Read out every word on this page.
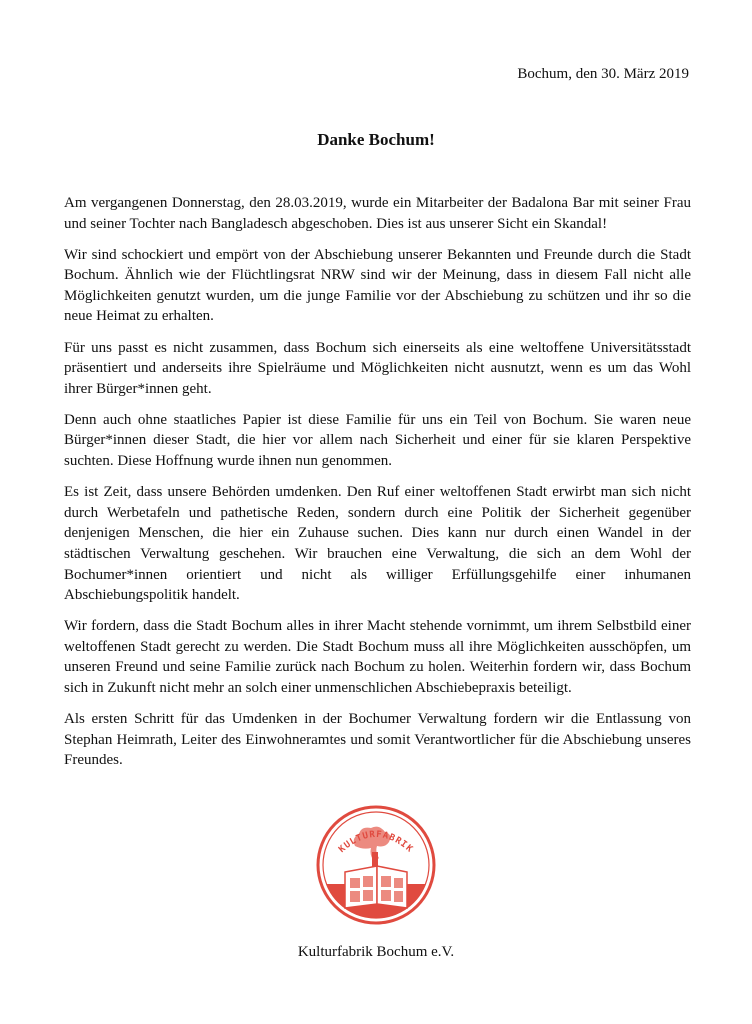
Bochum, den 30. März 2019
Danke Bochum!

Am vergangenen Donnerstag, den 28.03.2019, wurde ein Mitarbeiter der Badalona Bar mit seiner Frau und seiner Tochter nach Bangladesch abgeschoben. Dies ist aus unserer Sicht ein Skandal!

Wir sind schockiert und empört von der Abschiebung unserer Bekannten und Freunde durch die Stadt Bochum. Ähnlich wie der Flüchtlingsrat NRW sind wir der Meinung, dass in diesem Fall nicht alle Möglichkeiten genutzt wurden, um die junge Familie vor der Abschiebung zu schützen und ihr so die neue Heimat zu erhalten.

Für uns passt es nicht zusammen, dass Bochum sich einerseits als eine weltoffene Universitätsstadt präsentiert und anderseits ihre Spielräume und Möglichkeiten nicht ausnutzt, wenn es um das Wohl ihrer Bürger*innen geht.

Denn auch ohne staatliches Papier ist diese Familie für uns ein Teil von Bochum. Sie waren neue Bürger*innen dieser Stadt, die hier vor allem nach Sicherheit und einer für sie klaren Perspektive suchten. Diese Hoffnung wurde ihnen nun genommen.

Es ist Zeit, dass unsere Behörden umdenken. Den Ruf einer weltoffenen Stadt erwirbt man sich nicht durch Werbetafeln und pathetische Reden, sondern durch eine Politik der Sicherheit gegenüber denjenigen Menschen, die hier ein Zuhause suchen. Dies kann nur durch einen Wandel in der städtischen Verwaltung geschehen. Wir brauchen eine Verwaltung, die sich an dem Wohl der Bochumer*innen orientiert und nicht als williger Erfüllungsgehilfe einer inhumanen Abschiebungspolitik handelt.

Wir fordern, dass die Stadt Bochum alles in ihrer Macht stehende vornimmt, um ihrem Selbstbild einer weltoffenen Stadt gerecht zu werden. Die Stadt Bochum muss all ihre Möglichkeiten ausschöpfen, um unseren Freund und seine Familie zurück nach Bochum zu holen. Weiterhin fordern wir, dass Bochum sich in Zukunft nicht mehr an solch einer unmenschlichen Abschiebepraxis beteiligt.

Als ersten Schritt für das Umdenken in der Bochumer Verwaltung fordern wir die Entlassung von Stephan Heimrath, Leiter des Einwohneramtes und somit Verantwortlicher für die Abschiebung unseres Freundes.

KULTURFABRIK
Kulturfabrik Bochum e.V.
